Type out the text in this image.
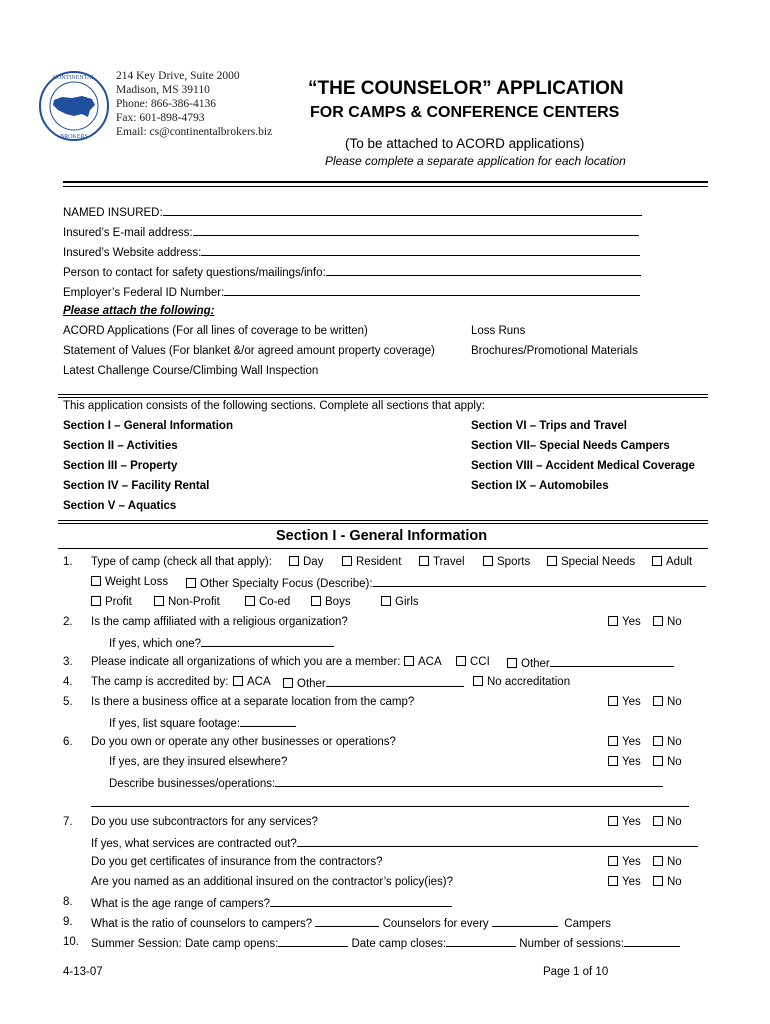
CONTINENTAL
BROKERS
214 Key Drive, Suite 2000
Madison, MS 39110
Phone: 866-386-4136
Fax: 601-898-4793
Email: cs@continentalbrokers.biz
“THE COUNSELOR” APPLICATION
FOR CAMPS & CONFERENCE CENTERS
(To be attached to ACORD applications)
Please complete a separate application for each location
NAMED INSURED:
Insured’s E-mail address:
Insured’s Website address:
Person to contact for safety questions/mailings/info:
Employer’s Federal ID Number:
Please attach the following:
ACORD Applications (For all lines of coverage to be written)
Statement of Values (For blanket &/or agreed amount property coverage)
Latest Challenge Course/Climbing Wall Inspection
Loss Runs
Brochures/Promotional Materials
This application consists of the following sections. Complete all sections that apply:
Section I – General Information
Section II – Activities
Section III – Property
Section IV – Facility Rental
Section V – Aquatics
Section VI – Trips and Travel
Section VII– Special Needs Campers
Section VIII – Accident Medical Coverage
Section IX – Automobiles
Section I - General Information
1. Type of camp (check all that apply):	Day	Resident	Travel	Sports	Special Needs	Adult
Weight Loss	Other Specialty Focus (Describe):
Profit	Non-Profit	Co-ed	Boys	Girls
2. Is the camp affiliated with a religious organization?	Yes	No
If yes, which one?
3. Please indicate all organizations of which you are a member:	ACA	CCI	Other
4. The camp is accredited by:	ACA	Other	No accreditation
5. Is there a business office at a separate location from the camp?	Yes	No
If yes, list square footage:
6. Do you own or operate any other businesses or operations?	Yes	No
If yes, are they insured elsewhere?	Yes	No
Describe businesses/operations:
7. Do you use subcontractors for any services?	Yes	No
If yes, what services are contracted out?
Do you get certificates of insurance from the contractors?	Yes	No
Are you named as an additional insured on the contractor’s policy(ies)?	Yes	No
8. What is the age range of campers?
9. What is the ratio of counselors to campers?	Counselors for every	Campers
10. Summer Session: Date camp opens:	Date camp closes:	Number of sessions:
4-13-07	Page 1 of 10
